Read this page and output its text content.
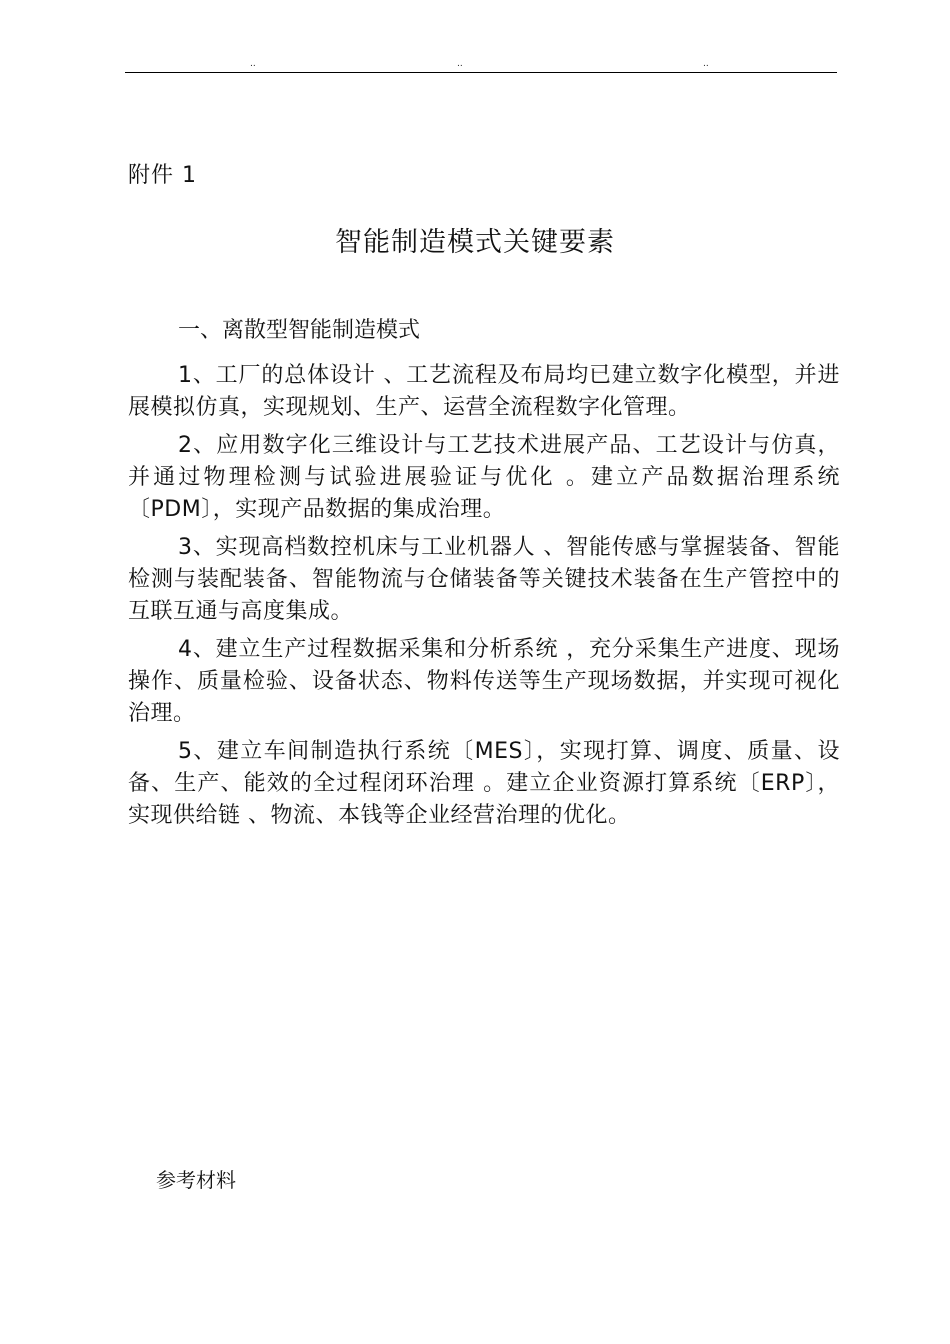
..	..	..
附件 1
智能制造模式关键要素

一、离散型智能制造模式

1、工厂的总体设计 、工艺流程及布局均已建立数字化模型，并进展模拟仿真，实现规划、生产、运营全流程数字化管理。

2、应用数字化三维设计与工艺技术进展产品、工艺设计与仿真，并通过物理检测与试验进展验证与优化 。建立产品数据治理系统〔PDM〕，实现产品数据的集成治理。

3、实现高档数控机床与工业机器人 、智能传感与掌握装备、智能检测与装配装备、智能物流与仓储装备等关键技术装备在生产管控中的互联互通与高度集成。

4、建立生产过程数据采集和分析系统 ，充分采集生产进度、现场操作、质量检验、设备状态、物料传送等生产现场数据，并实现可视化治理。

5、建立车间制造执行系统〔MES〕，实现打算、调度、质量、设备、生产、能效的全过程闭环治理 。建立企业资源打算系统〔ERP〕，实现供给链 、物流、本钱等企业经营治理的优化。

参考材料
